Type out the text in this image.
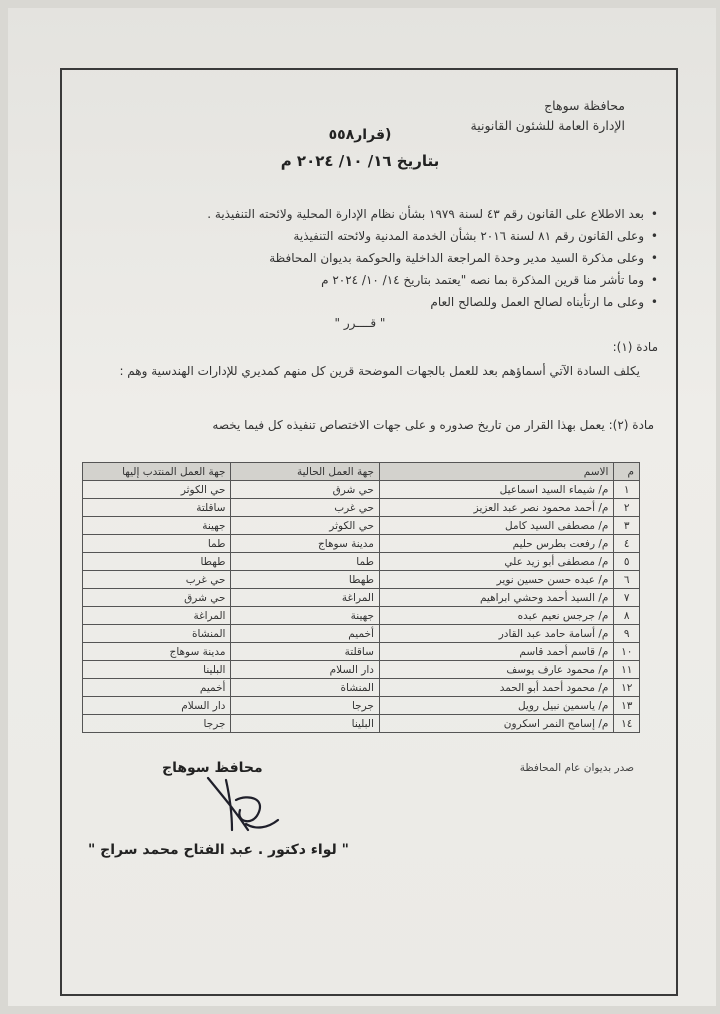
محافظة سوهاج
الإدارة العامة للشئون القانونية
قرار٥٥٨)
بتاريخ ١٦/ ١٠/ ٢٠٢٤ م
• بعد الاطلاع على القانون رقم ٤٣ لسنة ١٩٧٩ بشأن نظام الإدارة المحلية ولائحته التنفيذية .
• وعلى القانون رقم ٨١ لسنة ٢٠١٦ بشأن الخدمة المدنية ولائحته التنفيذية
• وعلى مذكرة السيد مدير وحدة المراجعة الداخلية والحوكمة بديوان المحافظة
• وما تأشر منا قرين المذكرة بما نصه "يعتمد بتاريخ ١٤/ ١٠/ ٢٠٢٤ م
• وعلى ما ارتأيناه لصالح العمل وللصالح العام
" قــــرر "
مادة (١):
يكلف السادة الآتي أسماؤهم بعد للعمل بالجهات الموضحة قرين كل منهم كمديري للإدارات الهندسية وهم :
مادة (٢): يعمل بهذا القرار من تاريخ صدوره و على جهات الاختصاص تنفيذه كل فيما يخصه
م	الاسم	جهة العمل الحالية	جهة العمل المنتدب إليها
١	م/ شيماء السيد اسماعيل	حي شرق	حي الكوثر
٢	م/ أحمد محمود نصر عبد العزيز	حي غرب	ساقلتة
٣	م/ مصطفى السيد كامل	حي الكوثر	جهينة
٤	م/ رفعت بطرس حليم	مدينة سوهاج	طما
٥	م/ مصطفى أبو زيد علي	طما	طهطا
٦	م/ عبده حسن حسين نوير	طهطا	حي غرب
٧	م/ السيد أحمد وحشي ابراهيم	المراغة	حي شرق
٨	م/ جرجس نعيم عبده	جهينة	المراغة
٩	م/ أسامة حامد عبد القادر	أخميم	المنشاة
١٠	م/ قاسم أحمد قاسم	ساقلتة	مدينة سوهاج
١١	م/ محمود عارف يوسف	دار السلام	البلينا
١٢	م/ محمود أحمد أبو الحمد	المنشاة	أخميم
١٣	م/ ياسمين نبيل رويل	جرجا	دار السلام
١٤	م/ إسامح النمر اسكرون	البلينا	جرجا
صدر بديوان عام المحافظة
محافظ سوهاج
" لواء دكتور . عبد الفتاح محمد سراج "
